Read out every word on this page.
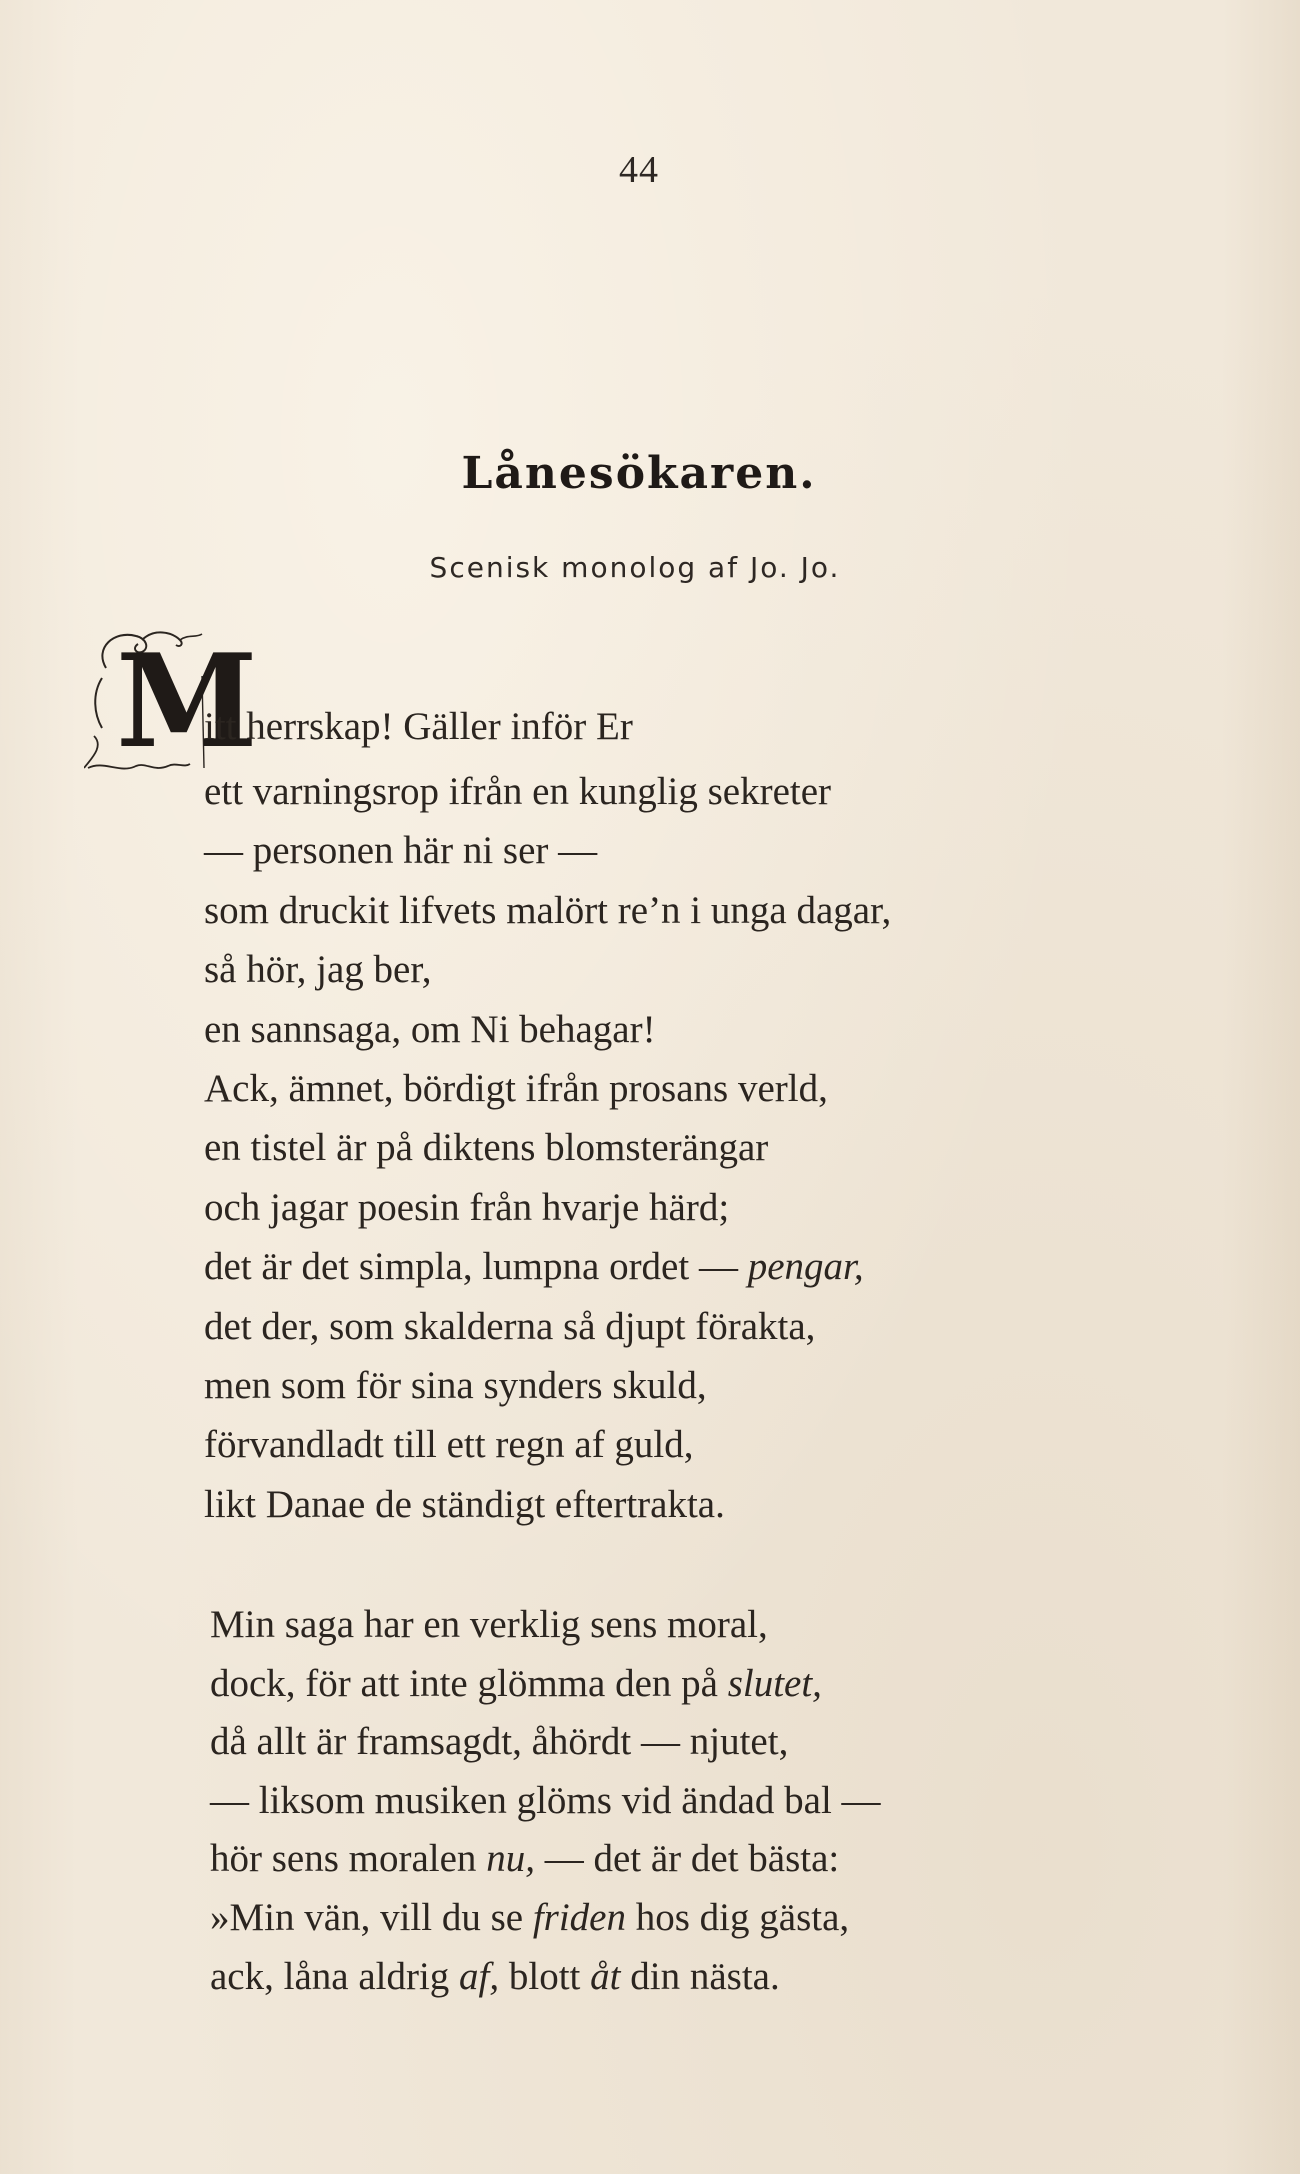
44
Lånesökaren.
Scenisk monolog af Jo. Jo.
M
itt herrskap! Gäller inför Er
ett varningsrop ifrån en kunglig sekreter
— personen här ni ser —
som druckit lifvets malört re’n i unga dagar,
så hör, jag ber,
en sannsaga, om Ni behagar!
Ack, ämnet, bördigt ifrån prosans verld,
en tistel är på diktens blomsterängar
och jagar poesin från hvarje härd;
det är det simpla, lumpna ordet — pengar,
det der, som skalderna så djupt förakta,
men som för sina synders skuld,
förvandladt till ett regn af guld,
likt Danae de ständigt eftertrakta.
Min saga har en verklig sens moral,
dock, för att inte glömma den på slutet,
då allt är framsagdt, åhördt — njutet,
— liksom musiken glöms vid ändad bal —
hör sens moralen nu, — det är det bästa:
»Min vän, vill du se friden hos dig gästa,
ack, låna aldrig af, blott åt din nästa.
